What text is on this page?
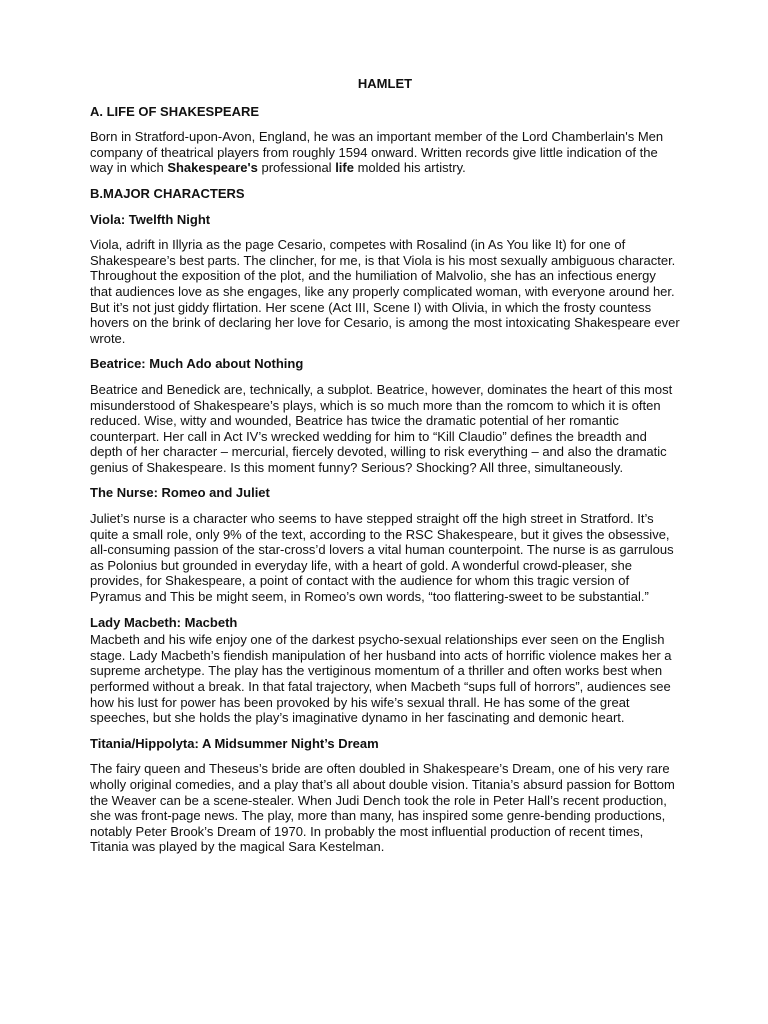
HAMLET
A. LIFE OF SHAKESPEARE

Born in Stratford-upon-Avon, England, he was an important member of the Lord Chamberlain's Men company of theatrical players from roughly 1594 onward. Written records give little indication of the way in which Shakespeare's professional life molded his artistry.

B.MAJOR CHARACTERS
Viola: Twelfth Night

Viola, adrift in Illyria as the page Cesario, competes with Rosalind (in As You like It) for one of Shakespeare’s best parts. The clincher, for me, is that Viola is his most sexually ambiguous character. Throughout the exposition of the plot, and the humiliation of Malvolio, she has an infectious energy that audiences love as she engages, like any properly complicated woman, with everyone around her. But it’s not just giddy flirtation. Her scene (Act III, Scene I) with Olivia, in which the frosty countess hovers on the brink of declaring her love for Cesario, is among the most intoxicating Shakespeare ever wrote.

Beatrice: Much Ado about Nothing

Beatrice and Benedick are, technically, a subplot. Beatrice, however, dominates the heart of this most misunderstood of Shakespeare’s plays, which is so much more than the romcom to which it is often reduced. Wise, witty and wounded, Beatrice has twice the dramatic potential of her romantic counterpart. Her call in Act IV’s wrecked wedding for him to “Kill Claudio” defines the breadth and depth of her character – mercurial, fiercely devoted, willing to risk everything – and also the dramatic genius of Shakespeare. Is this moment funny? Serious? Shocking? All three, simultaneously.

The Nurse: Romeo and Juliet

Juliet’s nurse is a character who seems to have stepped straight off the high street in Stratford. It’s quite a small role, only 9% of the text, according to the RSC Shakespeare, but it gives the obsessive, all-consuming passion of the star-cross’d lovers a vital human counterpoint. The nurse is as garrulous as Polonius but grounded in everyday life, with a heart of gold. A wonderful crowd-pleaser, she provides, for Shakespeare, a point of contact with the audience for whom this tragic version of Pyramus and This be might seem, in Romeo’s own words, “too flattering-sweet to be substantial.”

Lady Macbeth: Macbeth

Macbeth and his wife enjoy one of the darkest psycho-sexual relationships ever seen on the English stage. Lady Macbeth’s fiendish manipulation of her husband into acts of horrific violence makes her a supreme archetype. The play has the vertiginous momentum of a thriller and often works best when performed without a break. In that fatal trajectory, when Macbeth “sups full of horrors”, audiences see how his lust for power has been provoked by his wife’s sexual thrall. He has some of the great speeches, but she holds the play’s imaginative dynamo in her fascinating and demonic heart.

Titania/Hippolyta: A Midsummer Night’s Dream

The fairy queen and Theseus’s bride are often doubled in Shakespeare’s Dream, one of his very rare wholly original comedies, and a play that’s all about double vision. Titania’s absurd passion for Bottom the Weaver can be a scene-stealer. When Judi Dench took the role in Peter Hall’s recent production, she was front-page news. The play, more than many, has inspired some genre-bending productions, notably Peter Brook’s Dream of 1970. In probably the most influential production of recent times, Titania was played by the magical Sara Kestelman.
